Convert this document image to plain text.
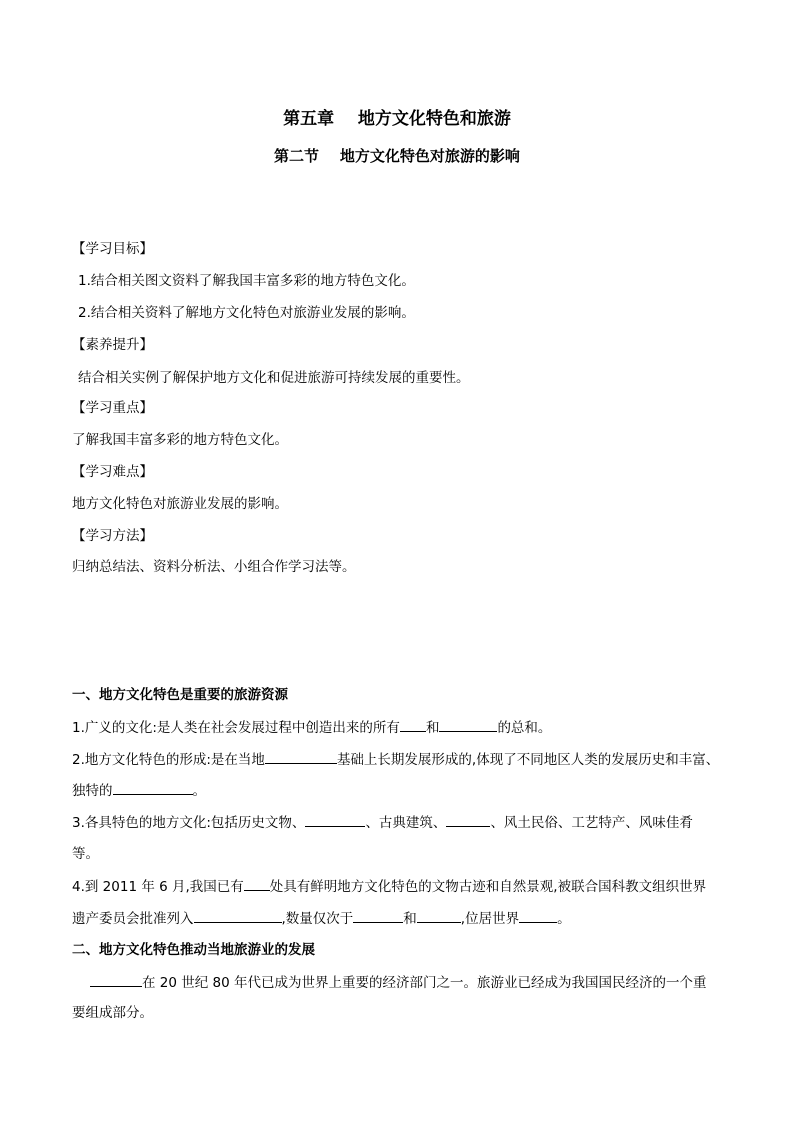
第五章    地方文化特色和旅游
第二节    地方文化特色对旅游的影响
【学习目标】
1.结合相关图文资料了解我国丰富多彩的地方特色文化。
2.结合相关资料了解地方文化特色对旅游业发展的影响。
【素养提升】
结合相关实例了解保护地方文化和促进旅游可持续发展的重要性。
【学习重点】
了解我国丰富多彩的地方特色文化。
【学习难点】
地方文化特色对旅游业发展的影响。
【学习方法】
归纳总结法、资料分析法、小组合作学习法等。
一、地方文化特色是重要的旅游资源
1.广义的文化:是人类在社会发展过程中创造出来的所有 和	的总和。
2.地方文化特色的形成:是在当地	基础上长期发展形成的,体现了不同地区人类的发展历史和丰富、
独特的	。
3.各具特色的地方文化:包括历史文物、	、古典建筑、	、风土民俗、工艺特产、风味佳肴
等。
4.到 2011 年 6 月,我国已有 处具有鲜明地方文化特色的文物古迹和自然景观,被联合国科教文组织世界
遗产委员会批准列入	,数量仅次于	和	,位居世界	。
二、地方文化特色推动当地旅游业的发展
在 20 世纪 80 年代已成为世界上重要的经济部门之一。旅游业已经成为我国国民经济的一个重
要组成部分。
